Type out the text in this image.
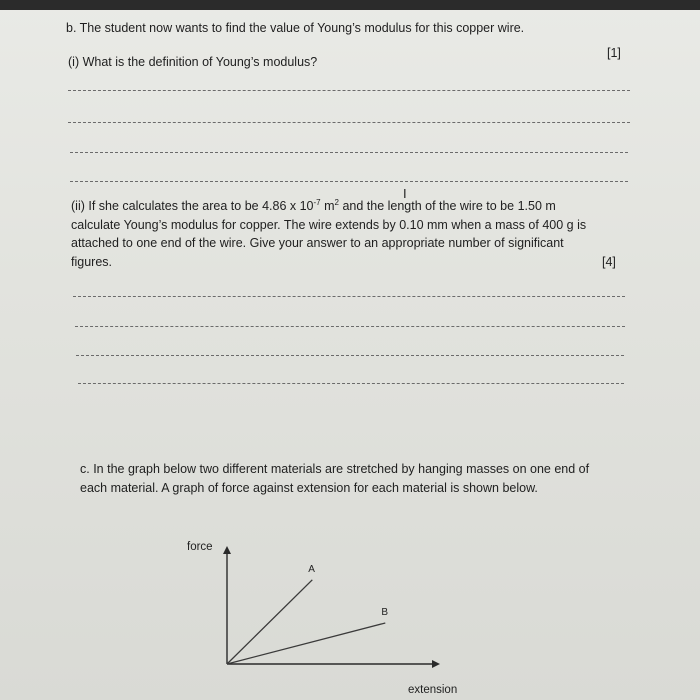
b. The student now wants to find the value of Young’s modulus for this copper wire.
(i) What is the definition of Young’s modulus?
[1]
I
(ii) If she calculates the area to be 4.86 x $10^{-7}$ $m^2$ and the length of the wire to be 1.50 m
calculate Young’s modulus for copper. The wire extends by 0.10 mm when a mass of 400 g is
attached to one end of the wire. Give your answer to an appropriate number of significant
figures.	[4]
c. In the graph below two different materials are stretched by hanging masses on one end of
each material. A graph of force against extension for each material is shown below.
force
extension
A
B
